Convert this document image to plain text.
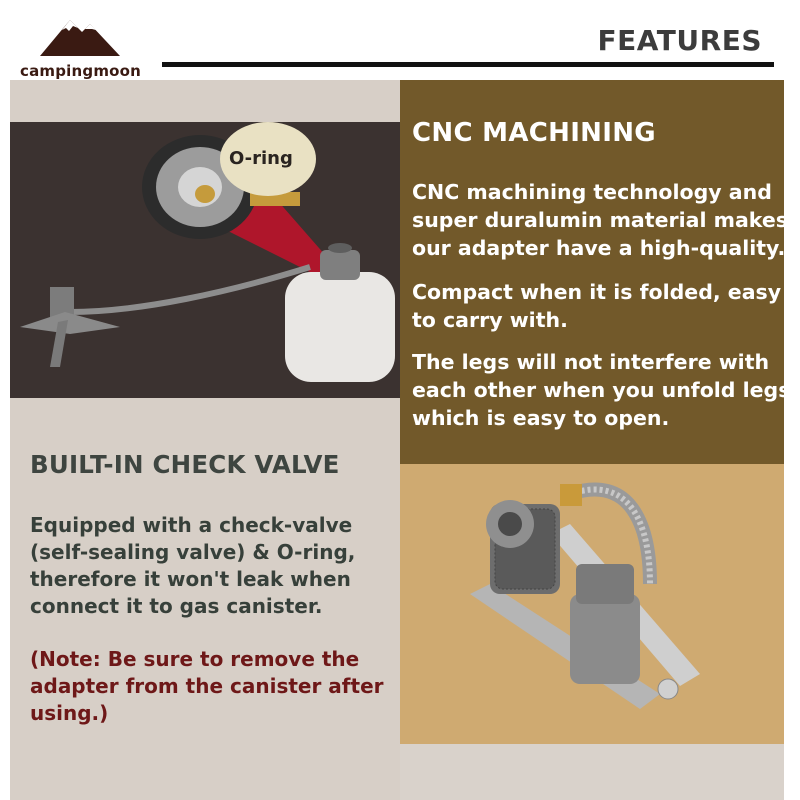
campingmoon
FEATURES
O-ring
CNC MACHINING
CNC machining technology and
super duralumin material makes
our adapter have a high-quality.
Compact when it is folded, easy
to carry with.
The legs will not interfere with
each other when you unfold legs,
which is easy to open.
BUILT-IN CHECK VALVE
Equipped with a check-valve
(self-sealing valve) & O-ring,
therefore it won't leak when
connect it to gas canister.
(Note: Be sure to remove the
adapter from the canister after
using.)
